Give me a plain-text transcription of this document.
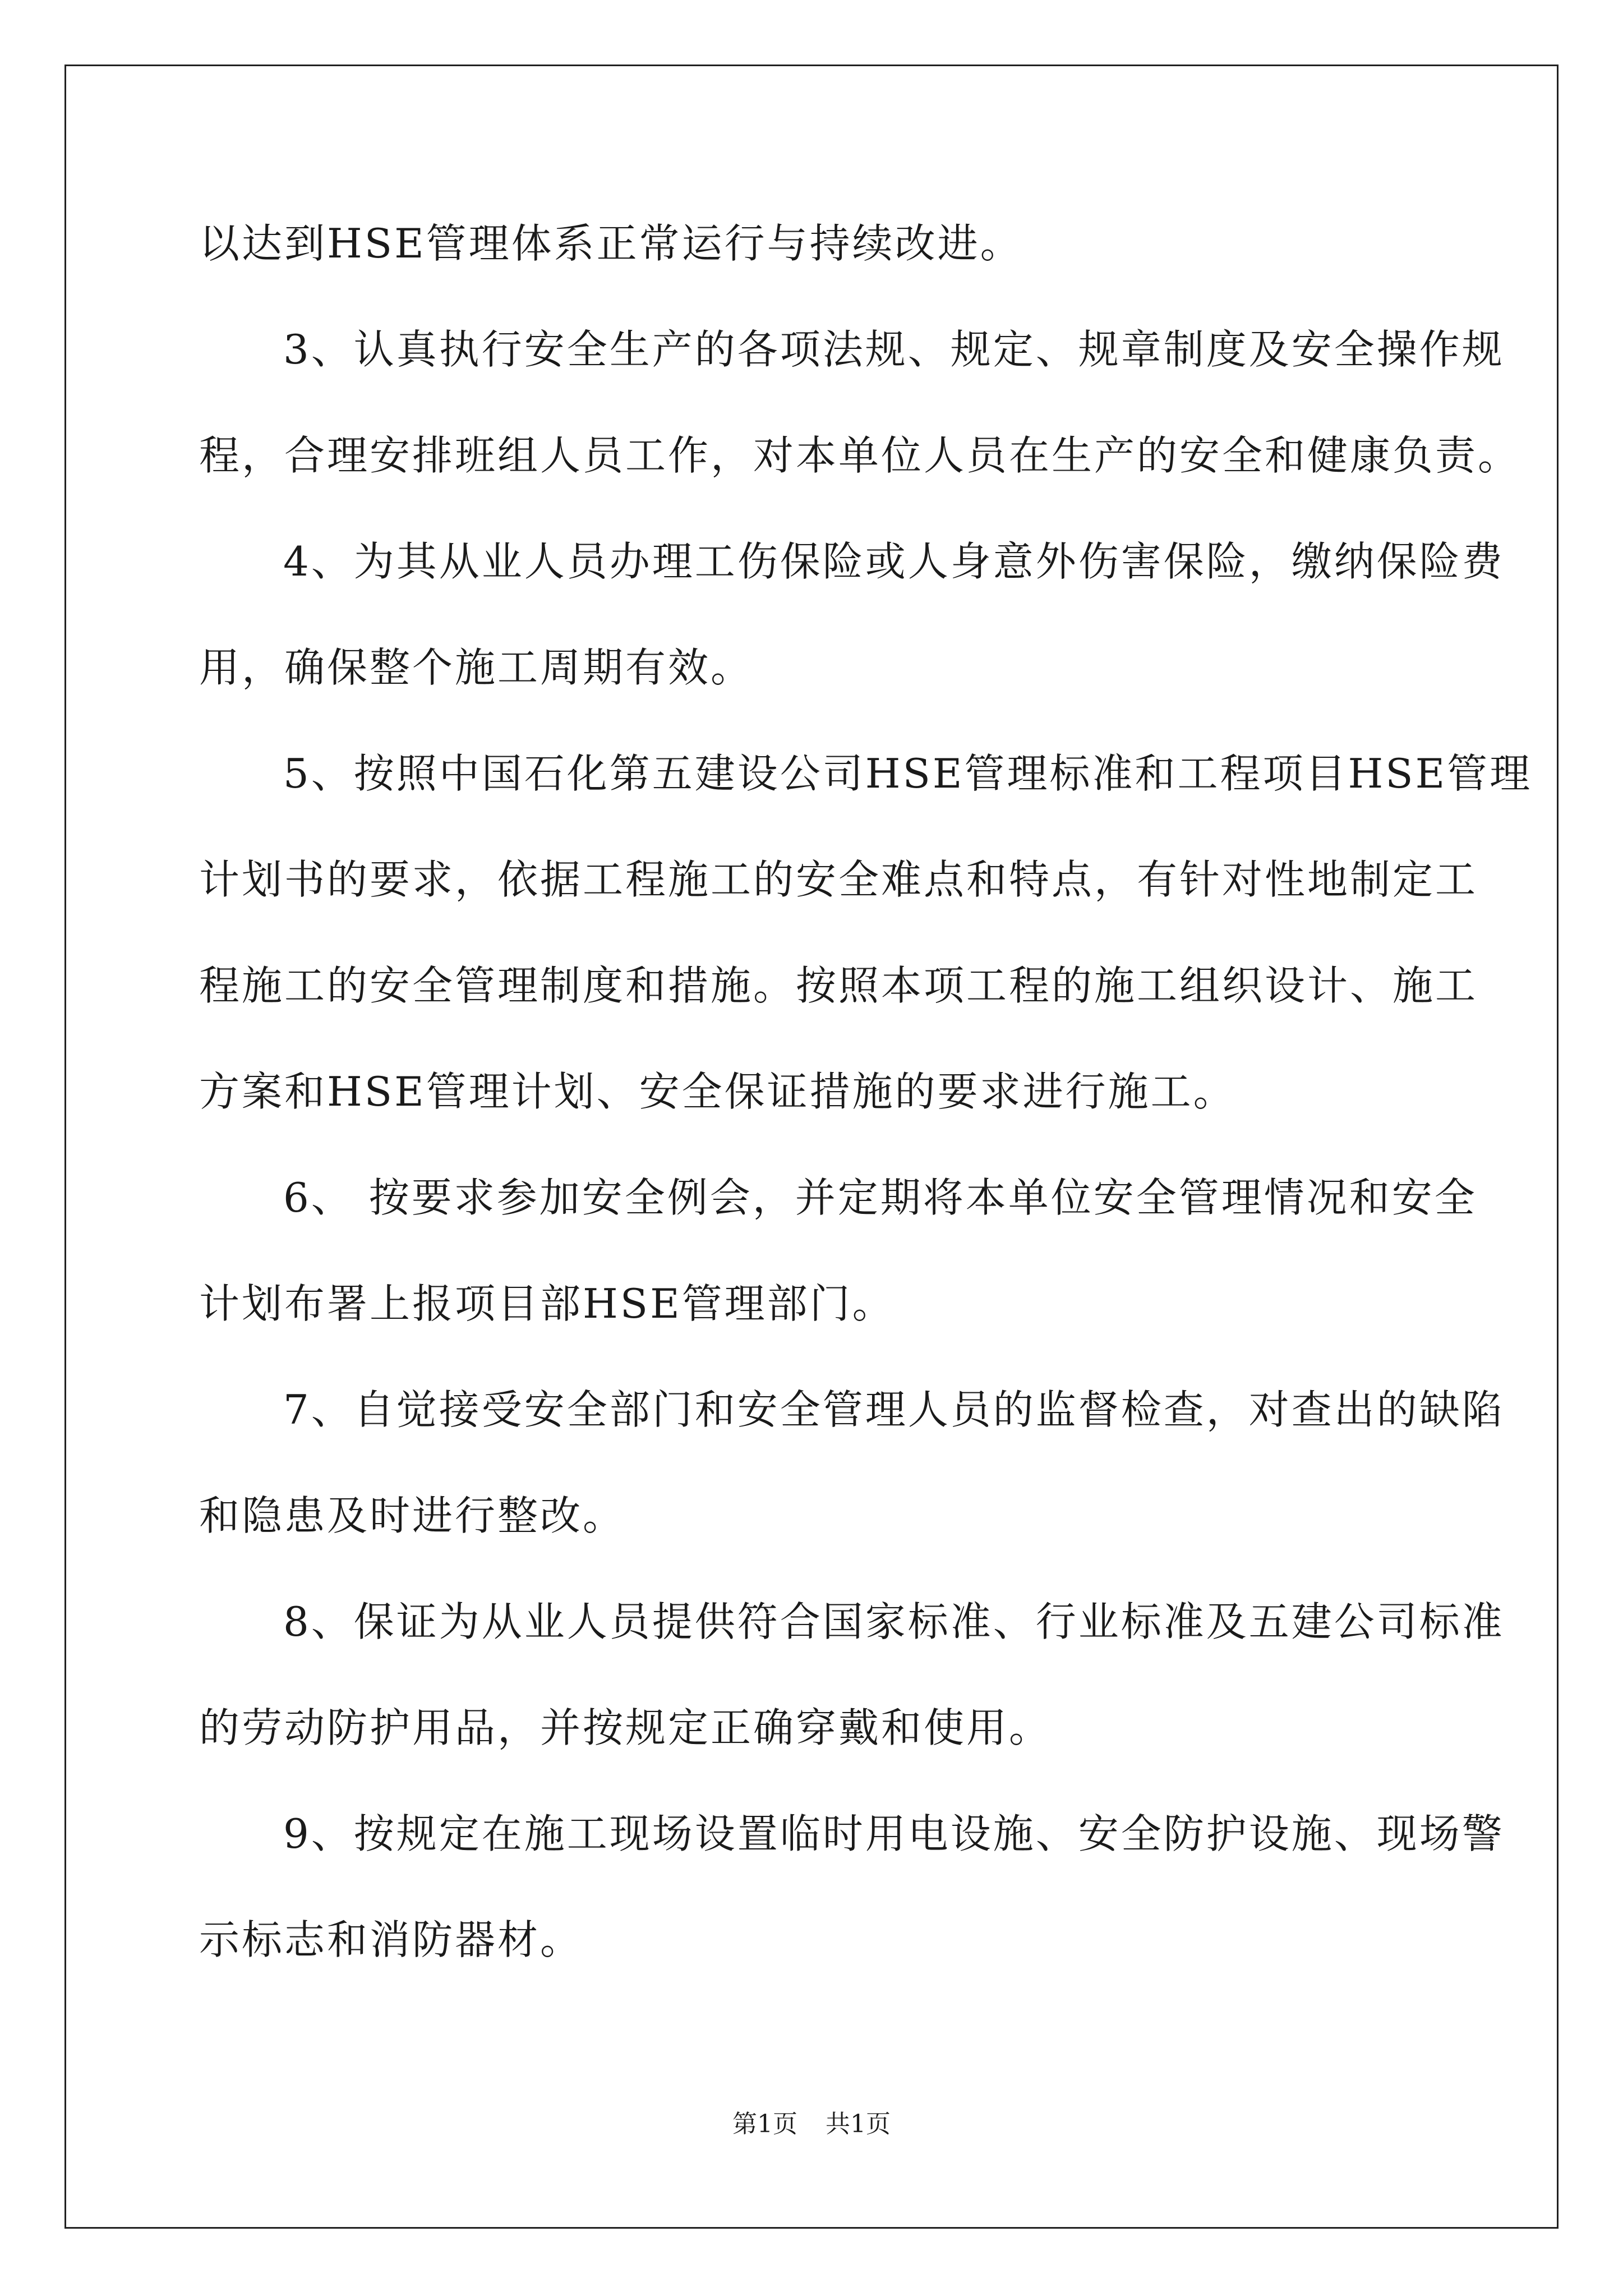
以达到HSE管理体系正常运行与持续改进。

3、认真执行安全生产的各项法规、规定、规章制度及安全操作规

程，合理安排班组人员工作，对本单位人员在生产的安全和健康负责。

4、为其从业人员办理工伤保险或人身意外伤害保险，缴纳保险费

用，确保整个施工周期有效。

5、按照中国石化第五建设公司HSE管理标准和工程项目HSE管理

计划书的要求，依据工程施工的安全难点和特点，有针对性地制定工

程施工的安全管理制度和措施。按照本项工程的施工组织设计、施工

方案和HSE管理计划、安全保证措施的要求进行施工。

6、 按要求参加安全例会，并定期将本单位安全管理情况和安全

计划布署上报项目部HSE管理部门。

7、自觉接受安全部门和安全管理人员的监督检查，对查出的缺陷

和隐患及时进行整改。

8、保证为从业人员提供符合国家标准、行业标准及五建公司标准

的劳动防护用品，并按规定正确穿戴和使用。

9、按规定在施工现场设置临时用电设施、安全防护设施、现场警

示标志和消防器材。

第1页 共1页
